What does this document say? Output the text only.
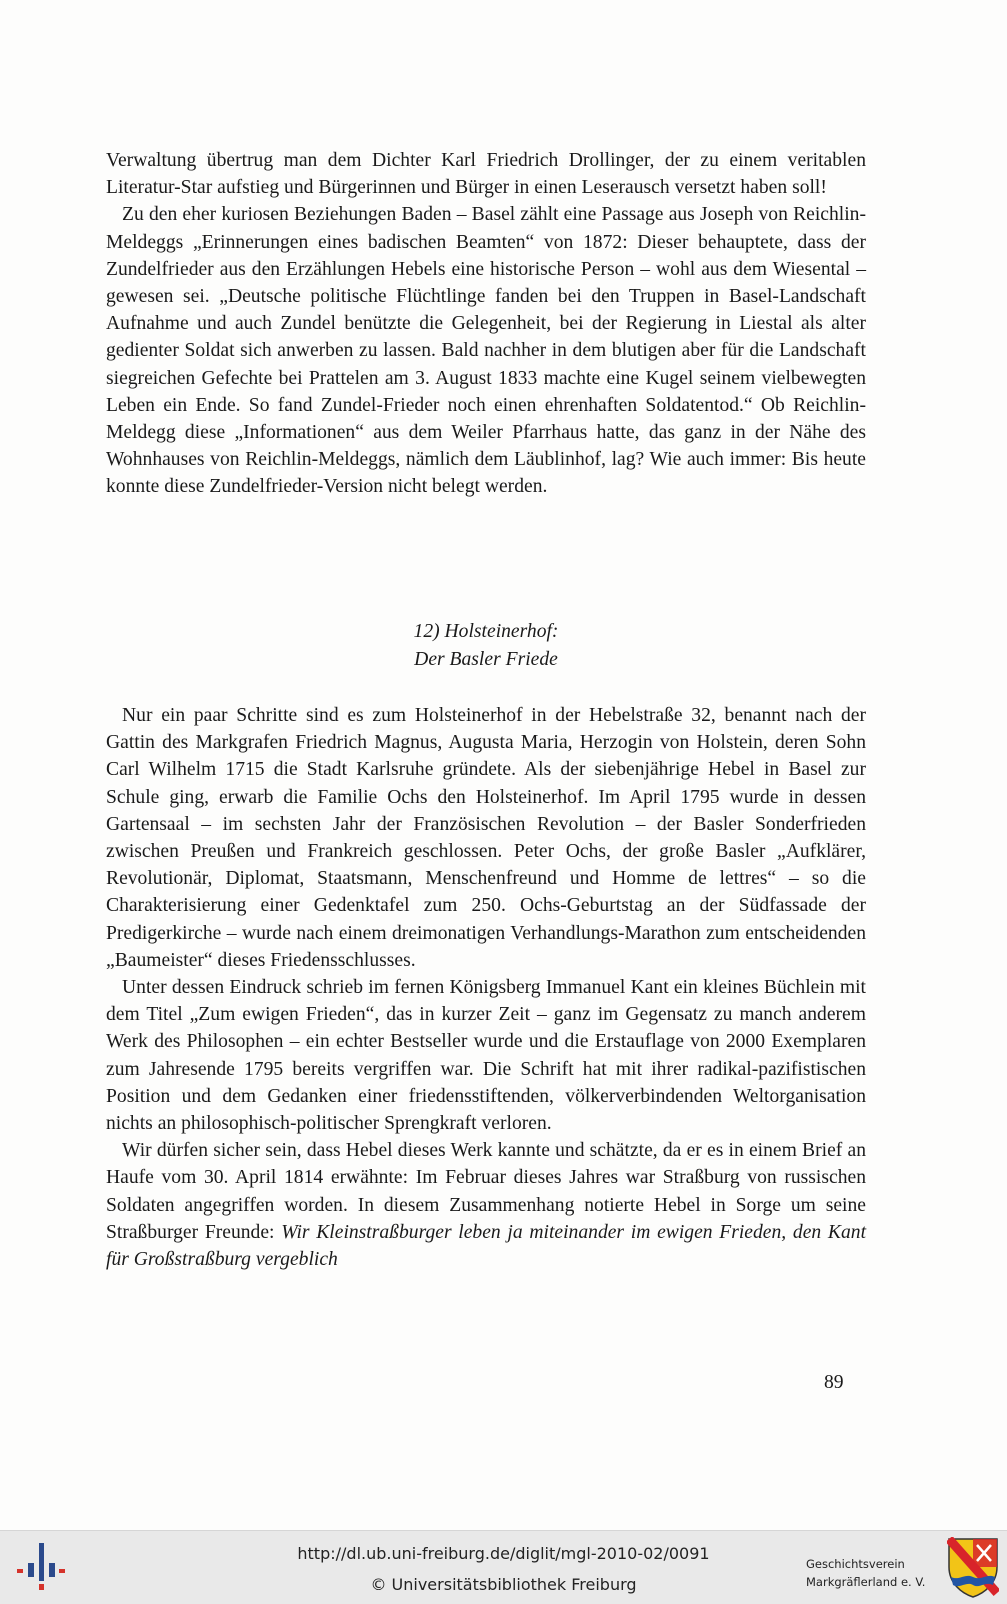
Verwaltung übertrug man dem Dichter Karl Friedrich Drollinger, der zu einem veritablen Literatur-Star aufstieg und Bürgerinnen und Bürger in einen Leserausch versetzt haben soll!

Zu den eher kuriosen Beziehungen Baden – Basel zählt eine Passage aus Joseph von Reichlin-Meldeggs „Erinnerungen eines badischen Beamten“ von 1872: Dieser behauptete, dass der Zundelfrieder aus den Erzählungen Hebels eine historische Person – wohl aus dem Wiesental – gewesen sei. „Deutsche politische Flüchtlinge fanden bei den Truppen in Basel-Landschaft Aufnahme und auch Zundel benützte die Gelegenheit, bei der Regierung in Liestal als alter gedienter Soldat sich anwerben zu lassen. Bald nachher in dem blutigen aber für die Landschaft siegreichen Gefechte bei Prattelen am 3. August 1833 machte eine Kugel seinem vielbewegten Leben ein Ende. So fand Zundel-Frieder noch einen ehrenhaften Soldatentod.“ Ob Reichlin-Meldegg diese „Informationen“ aus dem Weiler Pfarrhaus hatte, das ganz in der Nähe des Wohnhauses von Reichlin-Meldeggs, nämlich dem Läublinhof, lag? Wie auch immer: Bis heute konnte diese Zundelfrieder-Version nicht belegt werden.

12) Holsteinerhof:
Der Basler Friede

Nur ein paar Schritte sind es zum Holsteinerhof in der Hebelstraße 32, benannt nach der Gattin des Markgrafen Friedrich Magnus, Augusta Maria, Herzogin von Holstein, deren Sohn Carl Wilhelm 1715 die Stadt Karlsruhe gründete. Als der siebenjährige Hebel in Basel zur Schule ging, erwarb die Familie Ochs den Holsteinerhof. Im April 1795 wurde in dessen Gartensaal – im sechsten Jahr der Französischen Revolution – der Basler Sonderfrieden zwischen Preußen und Frankreich geschlossen. Peter Ochs, der große Basler „Aufklärer, Revolutionär, Diplomat, Staatsmann, Menschenfreund und Homme de lettres“ – so die Charakterisierung einer Gedenktafel zum 250. Ochs-Geburtstag an der Südfassade der Predigerkirche – wurde nach einem dreimonatigen Verhandlungs-Marathon zum entscheidenden „Baumeister“ dieses Friedensschlusses.

Unter dessen Eindruck schrieb im fernen Königsberg Immanuel Kant ein kleines Büchlein mit dem Titel „Zum ewigen Frieden“, das in kurzer Zeit – ganz im Gegensatz zu manch anderem Werk des Philosophen – ein echter Bestseller wurde und die Erstauflage von 2000 Exemplaren zum Jahresende 1795 bereits vergriffen war. Die Schrift hat mit ihrer radikal-pazifistischen Position und dem Gedanken einer friedensstiftenden, völkerverbindenden Weltorganisation nichts an philosophisch-politischer Sprengkraft verloren.

Wir dürfen sicher sein, dass Hebel dieses Werk kannte und schätzte, da er es in einem Brief an Haufe vom 30. April 1814 erwähnte: Im Februar dieses Jahres war Straßburg von russischen Soldaten angegriffen worden. In diesem Zusammenhang notierte Hebel in Sorge um seine Straßburger Freunde: Wir Kleinstraßburger leben ja miteinander im ewigen Frieden, den Kant für Großstraßburg vergeblich

89
http://dl.ub.uni-freiburg.de/diglit/mgl-2010-02/0091
© Universitätsbibliothek Freiburg
Geschichtsverein
Markgräflerland e. V.
